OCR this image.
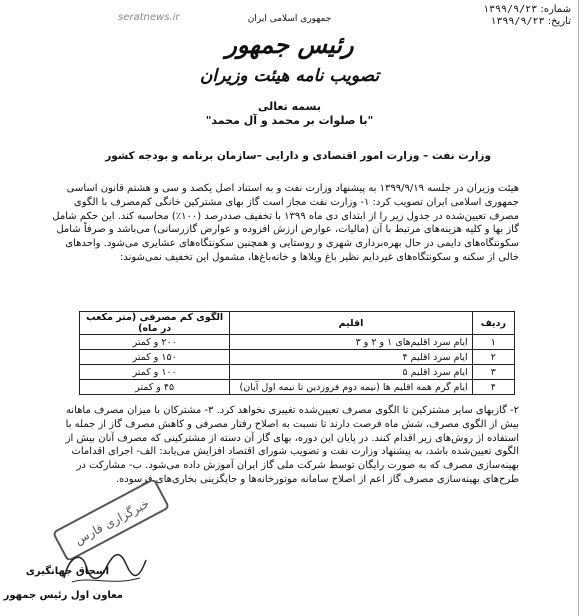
شماره: ۱۳۹۹/۹/۲۳
تاریخ: ۱۳۹۹/۹/۲۳
seratnews.ir	جمهوری اسلامی ایران
رئیس جمهور
تصویب نامه هیئت وزیران
بسمه تعالی
"با صلوات بر محمد و آل محمد"
وزارت نفت – وزارت امور اقتصادی و دارایی –سازمان برنامه و بودجه کشور
هیئت وزیران در جلسه ۱۳۹۹/۹/۱۹ به پیشنهاد وزارت نفت و به استناد اصل یکصد و سی و هشتم قانون اساسی جمهوری اسلامی ایران تصویب کرد: ۱- وزارت نفت مجاز است گاز بهای مشترکین خانگی کم‌مصرف با الگوی مصرف تعیین‌شده در جدول زیر را از ابتدای دی ماه ۱۳۹۹ با تخفیف صددرصد (۱۰۰٪) محاسبه کند. این حکم شامل گاز بها و کلیه هزینه‌های مرتبط با آن (مالیات، عوارض ارزش افزوده و عوارض گازرسانی) می‌باشد و صرفاً شامل سکونتگاه‌های دایمی در حال بهره‌برداری شهری و روستایی و همچنین سکونتگاه‌های عشایری می‌شود. واحدهای خالی از سکنه و سکونتگاه‌های غیردایم نظیر باغ ویلاها و خانه‌باغ‌ها، مشمول این تخفیف نمی‌شوند:
ردیف	اقلیم	الگوی کم مصرفی (متر مکعب در ماه)
۱	ایام سرد اقلیم‌های ۱ و ۲ و ۳	۲۰۰ و کمتر
۲	ایام سرد اقلیم ۴	۱۵۰ و کمتر
۳	ایام سرد اقلیم ۵	۱۰۰ و کمتر
۴	ایام گرم همه اقلیم ها (نیمه دوم فروردین تا نیمه اول آبان)	۴۵ و کمتر
۲- گازبهای سایر مشترکین تا الگوی مصرف تعیین‌شده تغییری نخواهد کرد. ۳- مشترکان با میزان مصرف ماهانه بیش از الگوی مصرف، شش ماه فرصت دارند تا نسبت به اصلاح رفتار مصرفی و کاهش مصرف گاز از جمله با استفاده از روش‌های زیر اقدام کنند. در پایان این دوره، بهای گاز آن دسته از مشترکینی که مصرف آنان بیش از الگوی تعیین‌شده باشد، به پیشنهاد وزارت نفت و تصویب شورای اقتصاد افزایش می‌یابد: الف- اجرای اقدامات بهینه‌سازی مصرف که به صورت رایگان توسط شرکت ملی گاز ایران آموزش داده می‌شود. ب- مشارکت در طرح‌های بهینه‌سازی مصرف گاز اعم از اصلاح سامانه موتورخانه‌ها و جایگزینی بخاری‌های فرسوده.
خبرگزاری فارس
اسحاق جهانگیری
معاون اول رئیس جمهور
